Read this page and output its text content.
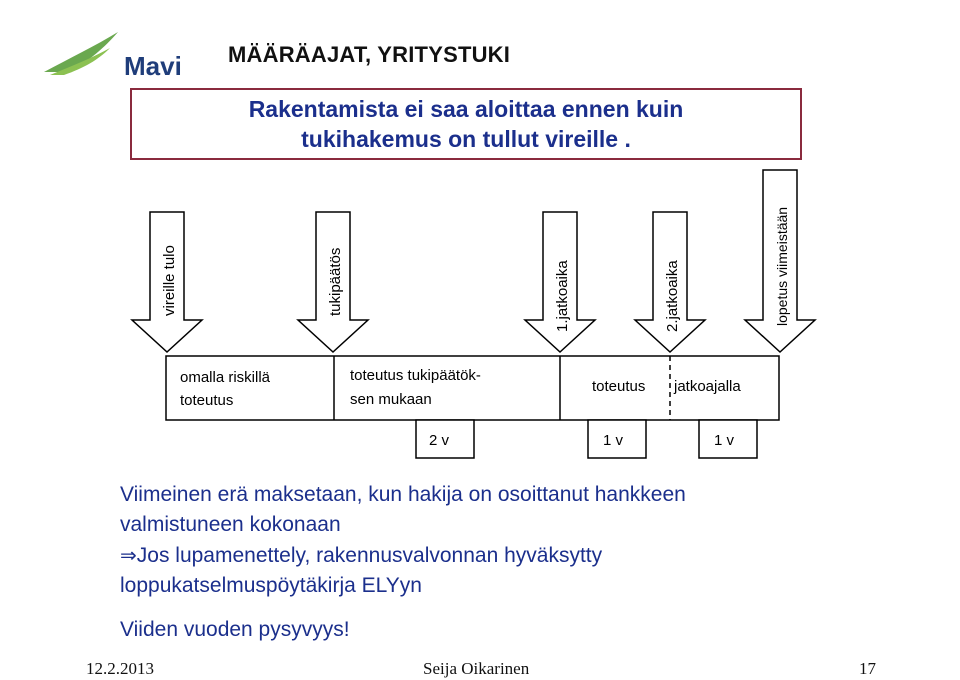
Mavi MÄÄRÄAJAT, YRITYSTUKI
Rakentamista ei saa aloittaa ennen kuin
tukihakemus on tullut vireille .
vireille tulo	tukipäätös	1.jatkoaika	2.jatkoaika	lopetus viimeistään
omalla riskillä
toteutus
toteutus tukipäätök-
sen mukaan
toteutus jatkoajalla
2 v	1 v	1 v
Viimeinen erä maksetaan, kun hakija on osoittanut hankkeen
valmistuneen kokonaan
⇒Jos lupamenettely, rakennusvalvonnan hyväksytty
loppukatselmuspöytäkirja ELYyn
Viiden vuoden pysyvyys!
12.2.2013	Seija Oikarinen	17
